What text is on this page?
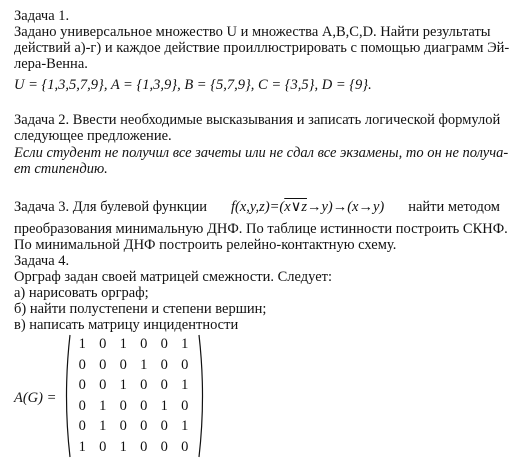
Задача 1.
Задано универсальное множество U и множества A,B,C,D. Найти результаты
действий а)-г) и каждое действие проиллюстрировать с помощью диаграмм Эй-
лера-Венна.
U = {1,3,5,7,9}, A = {1,3,9}, B = {5,7,9}, C = {3,5}, D = {9}.
Задача 2. Ввести необходимые высказывания и записать логической формулой
следующее предложение.
Если студент не получил все зачеты или не сдал все экзамены, то он не получа-
ет стипендию.
Задача 3. Для булевой функции f(x,y,z)=(x∨z→y)→(x→y) найти методом
преобразования минимальную ДНФ. По таблице истинности построить СКНФ.
По минимальной ДНФ построить релейно-контактную схему.
Задача 4.
Орграф задан своей матрицей смежности. Следует:
а) нарисовать орграф;
б) найти полустепени и степени вершин;
в) написать матрицу инцидентности
A(G) =
1 0 1 0 0 1
0 0 0 1 0 0
0 0 1 0 0 1
0 1 0 0 1 0
0 1 0 0 0 1
1 0 1 0 0 0
